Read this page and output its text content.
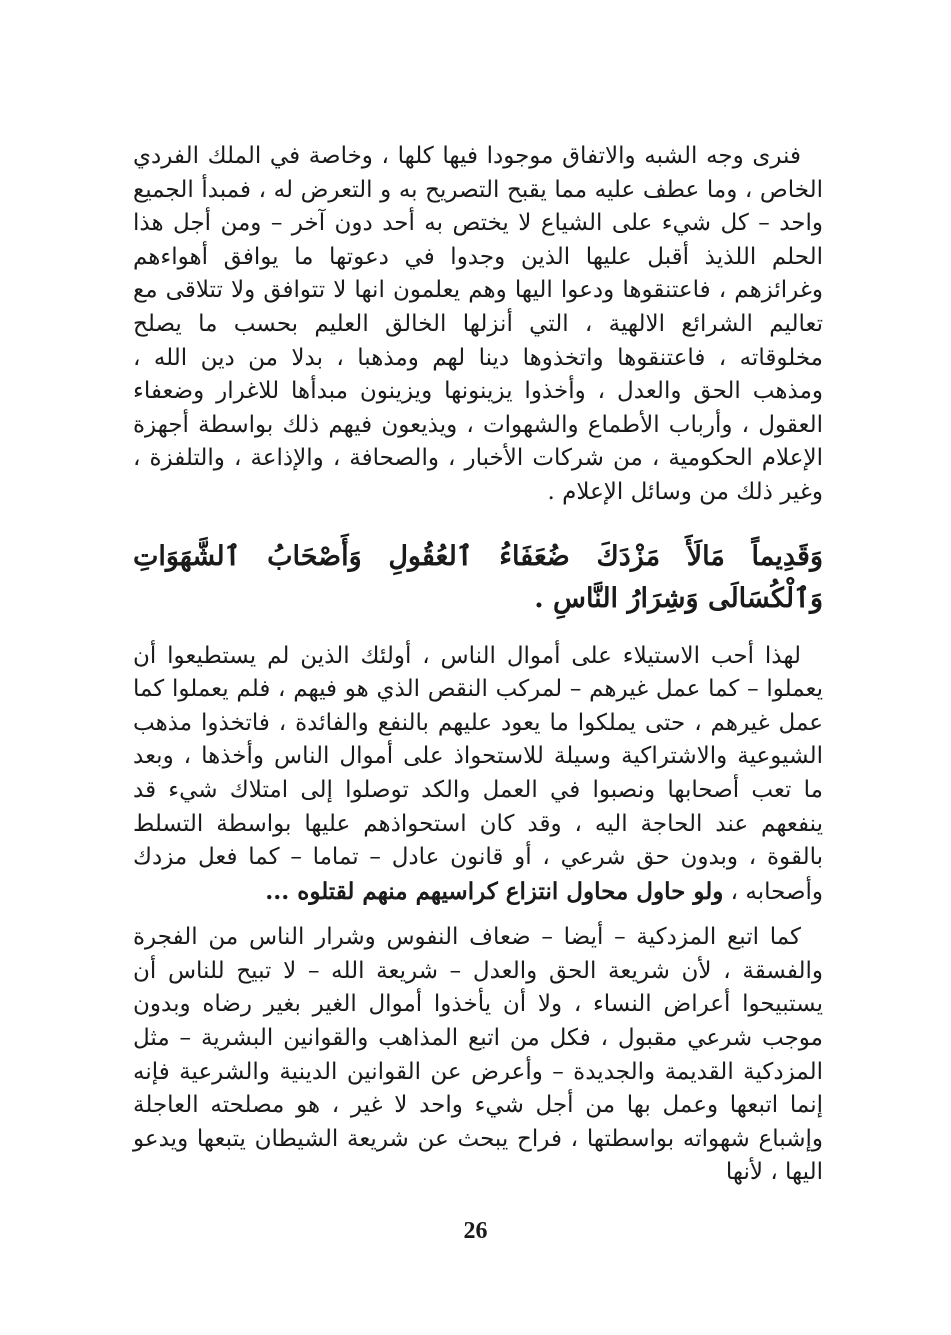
فنرى وجه الشبه والاتفاق موجودا فيها كلها ، وخاصة في الملك الفردي الخاص ، وما عطف عليه مما يقبح التصريح به و التعرض له ، فمبدأ الجميع واحد – كل شيء على الشياع لا يختص به أحد دون آخر – ومن أجل هذا الحلم اللذيذ أقبل عليها الذين وجدوا في دعوتها ما يوافق أهواءهم وغرائزهم ، فاعتنقوها ودعوا اليها وهم يعلمون انها لا تتوافق ولا تتلاقى مع تعاليم الشرائع الالهية ، التي أنزلها الخالق العليم بحسب ما يصلح مخلوقاته ، فاعتنقوها واتخذوها دينا لهم ومذهبا ، بدلا من دين الله ، ومذهب الحق والعدل ، وأخذوا يزينونها ويزينون مبدأها للاغرار وضعفاء العقول ، وأرباب الأطماع والشهوات ، ويذيعون فيهم ذلك بواسطة أجهزة الإعلام الحكومية ، من شركات الأخبار ، والصحافة ، والإذاعة ، والتلفزة ، وغير ذلك من وسائل الإعلام .

وَقَدِيماً مَالَأَ مَزْدَكَ ضُعَفَاءُ ٱلعُقُولِ وَأَصْحَابُ ٱلشَّهَوَاتِ وَٱلْكُسَالَى وَشِرَارُ النَّاسِ .

لهذا أحب الاستيلاء على أموال الناس ، أولئك الذين لم يستطيعوا أن يعملوا – كما عمل غيرهم – لمركب النقص الذي هو فيهم ، فلم يعملوا كما عمل غيرهم ، حتى يملكوا ما يعود عليهم بالنفع والفائدة ، فاتخذوا مذهب الشيوعية والاشتراكية وسيلة للاستحواذ على أموال الناس وأخذها ، وبعد ما تعب أصحابها ونصبوا في العمل والكد توصلوا إلى امتلاك شيء قد ينفعهم عند الحاجة اليه ، وقد كان استحواذهم عليها بواسطة التسلط بالقوة ، وبدون حق شرعي ، أو قانون عادل – تماما – كما فعل مزدك وأصحابه ، ولو حاول محاول انتزاع كراسيهم منهم لقتلوه ...

كما اتبع المزدكية – أيضا – ضعاف النفوس وشرار الناس من الفجرة والفسقة ، لأن شريعة الحق والعدل – شريعة الله – لا تبيح للناس أن يستبيحوا أعراض النساء ، ولا أن يأخذوا أموال الغير بغير رضاه وبدون موجب شرعي مقبول ، فكل من اتبع المذاهب والقوانين البشرية – مثل المزدكية القديمة والجديدة – وأعرض عن القوانين الدينية والشرعية فإنه إنما اتبعها وعمل بها من أجل شيء واحد لا غير ، هو مصلحته العاجلة وإشباع شهواته بواسطتها ، فراح يبحث عن شريعة الشيطان يتبعها ويدعو اليها ، لأنها

26
